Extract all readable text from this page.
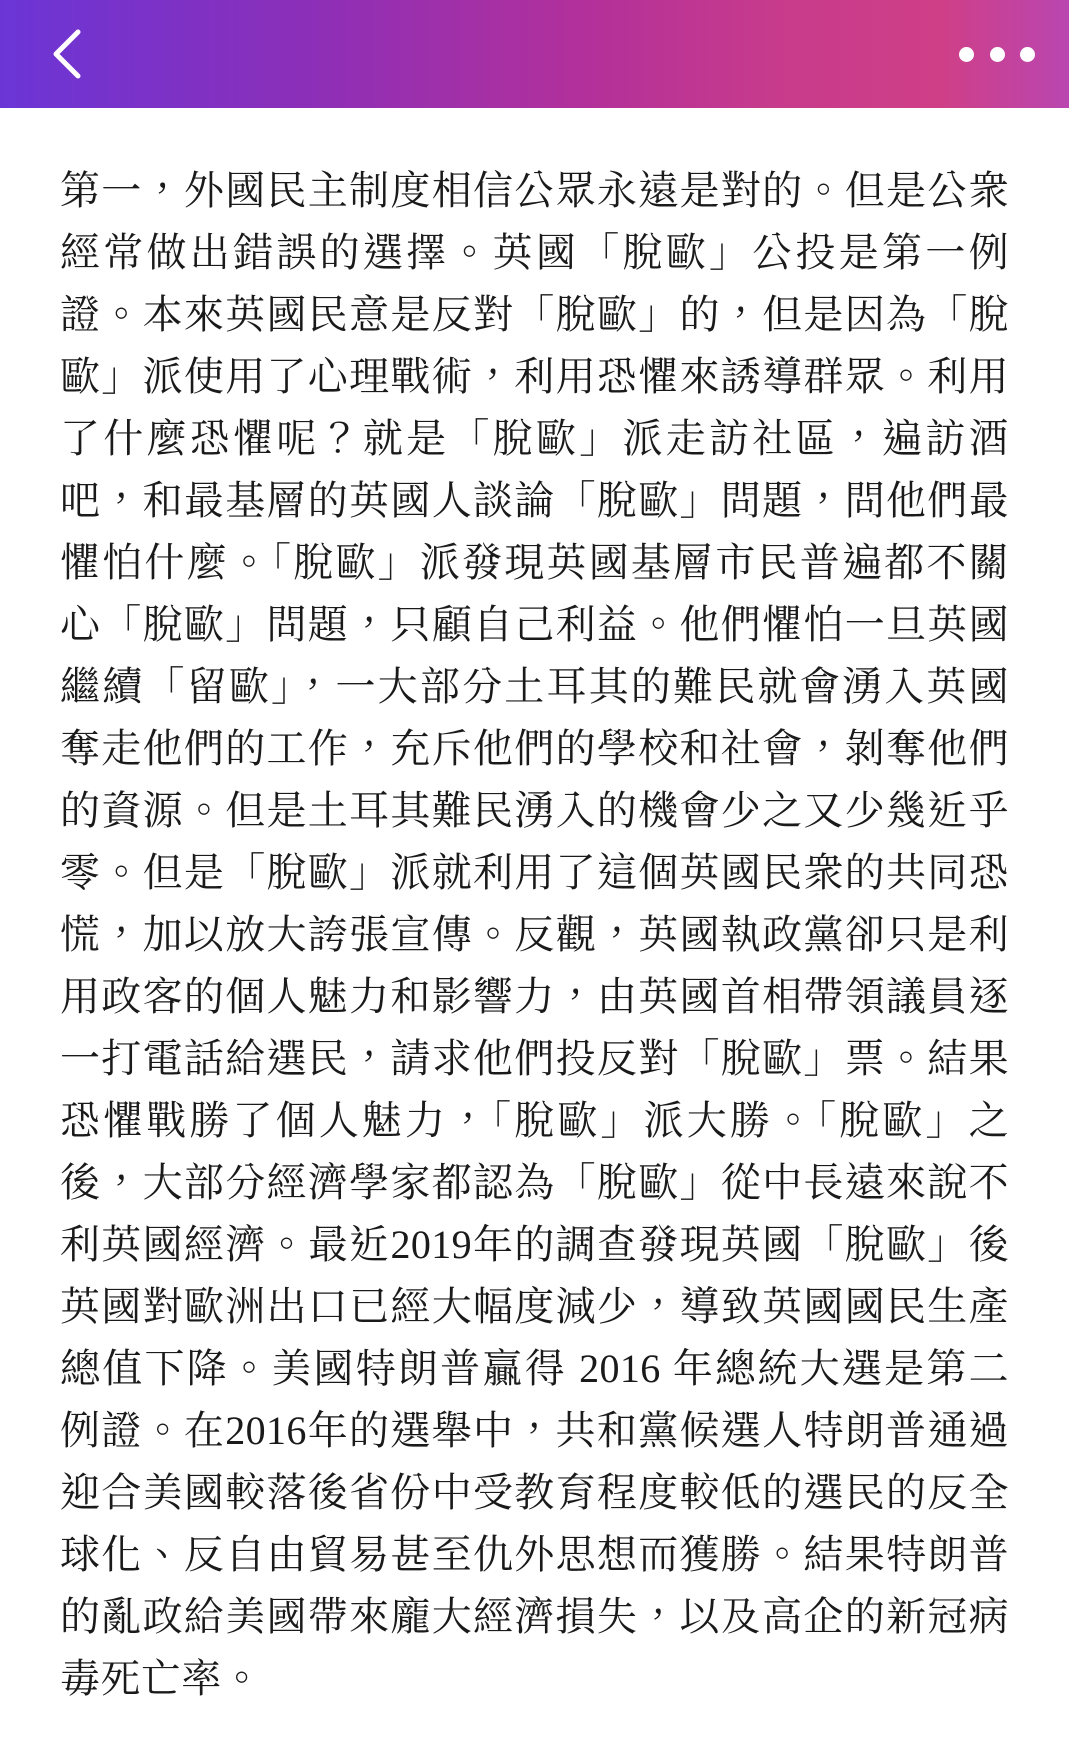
第一，外國民主制度相信公眾永遠是對的。但是公衆經常做出錯誤的選擇。英國「脫歐」公投是第一例證。本來英國民意是反對「脫歐」的，但是因為「脫歐」派使用了心理戰術，利用恐懼來誘導群眾。利用了什麼恐懼呢？就是「脫歐」派走訪社區，遍訪酒吧，和最基層的英國人談論「脫歐」問題，問他們最懼怕什麼。「脫歐」派發現英國基層市民普遍都不關心「脫歐」問題，只顧自己利益。他們懼怕一旦英國繼續「留歐」，一大部分土耳其的難民就會湧入英國奪走他們的工作，充斥他們的學校和社會，剝奪他們的資源。但是土耳其難民湧入的機會少之又少幾近乎零。但是「脫歐」派就利用了這個英國民衆的共同恐慌，加以放大誇張宣傳。反觀，英國執政黨卻只是利用政客的個人魅力和影響力，由英國首相帶領議員逐一打電話給選民，請求他們投反對「脫歐」票。結果恐懼戰勝了個人魅力，「脫歐」派大勝。「脫歐」之後，大部分經濟學家都認為「脫歐」從中長遠來說不利英國經濟。最近2019年的調查發現英國「脫歐」後英國對歐洲出口已經大幅度減少，導致英國國民生產總值下降。美國特朗普贏得 2016 年總統大選是第二例證。在2016年的選舉中，共和黨候選人特朗普通過迎合美國較落後省份中受教育程度較低的選民的反全球化、反自由貿易甚至仇外思想而獲勝。結果特朗普的亂政給美國帶來龐大經濟損失，以及高企的新冠病毒死亡率。
